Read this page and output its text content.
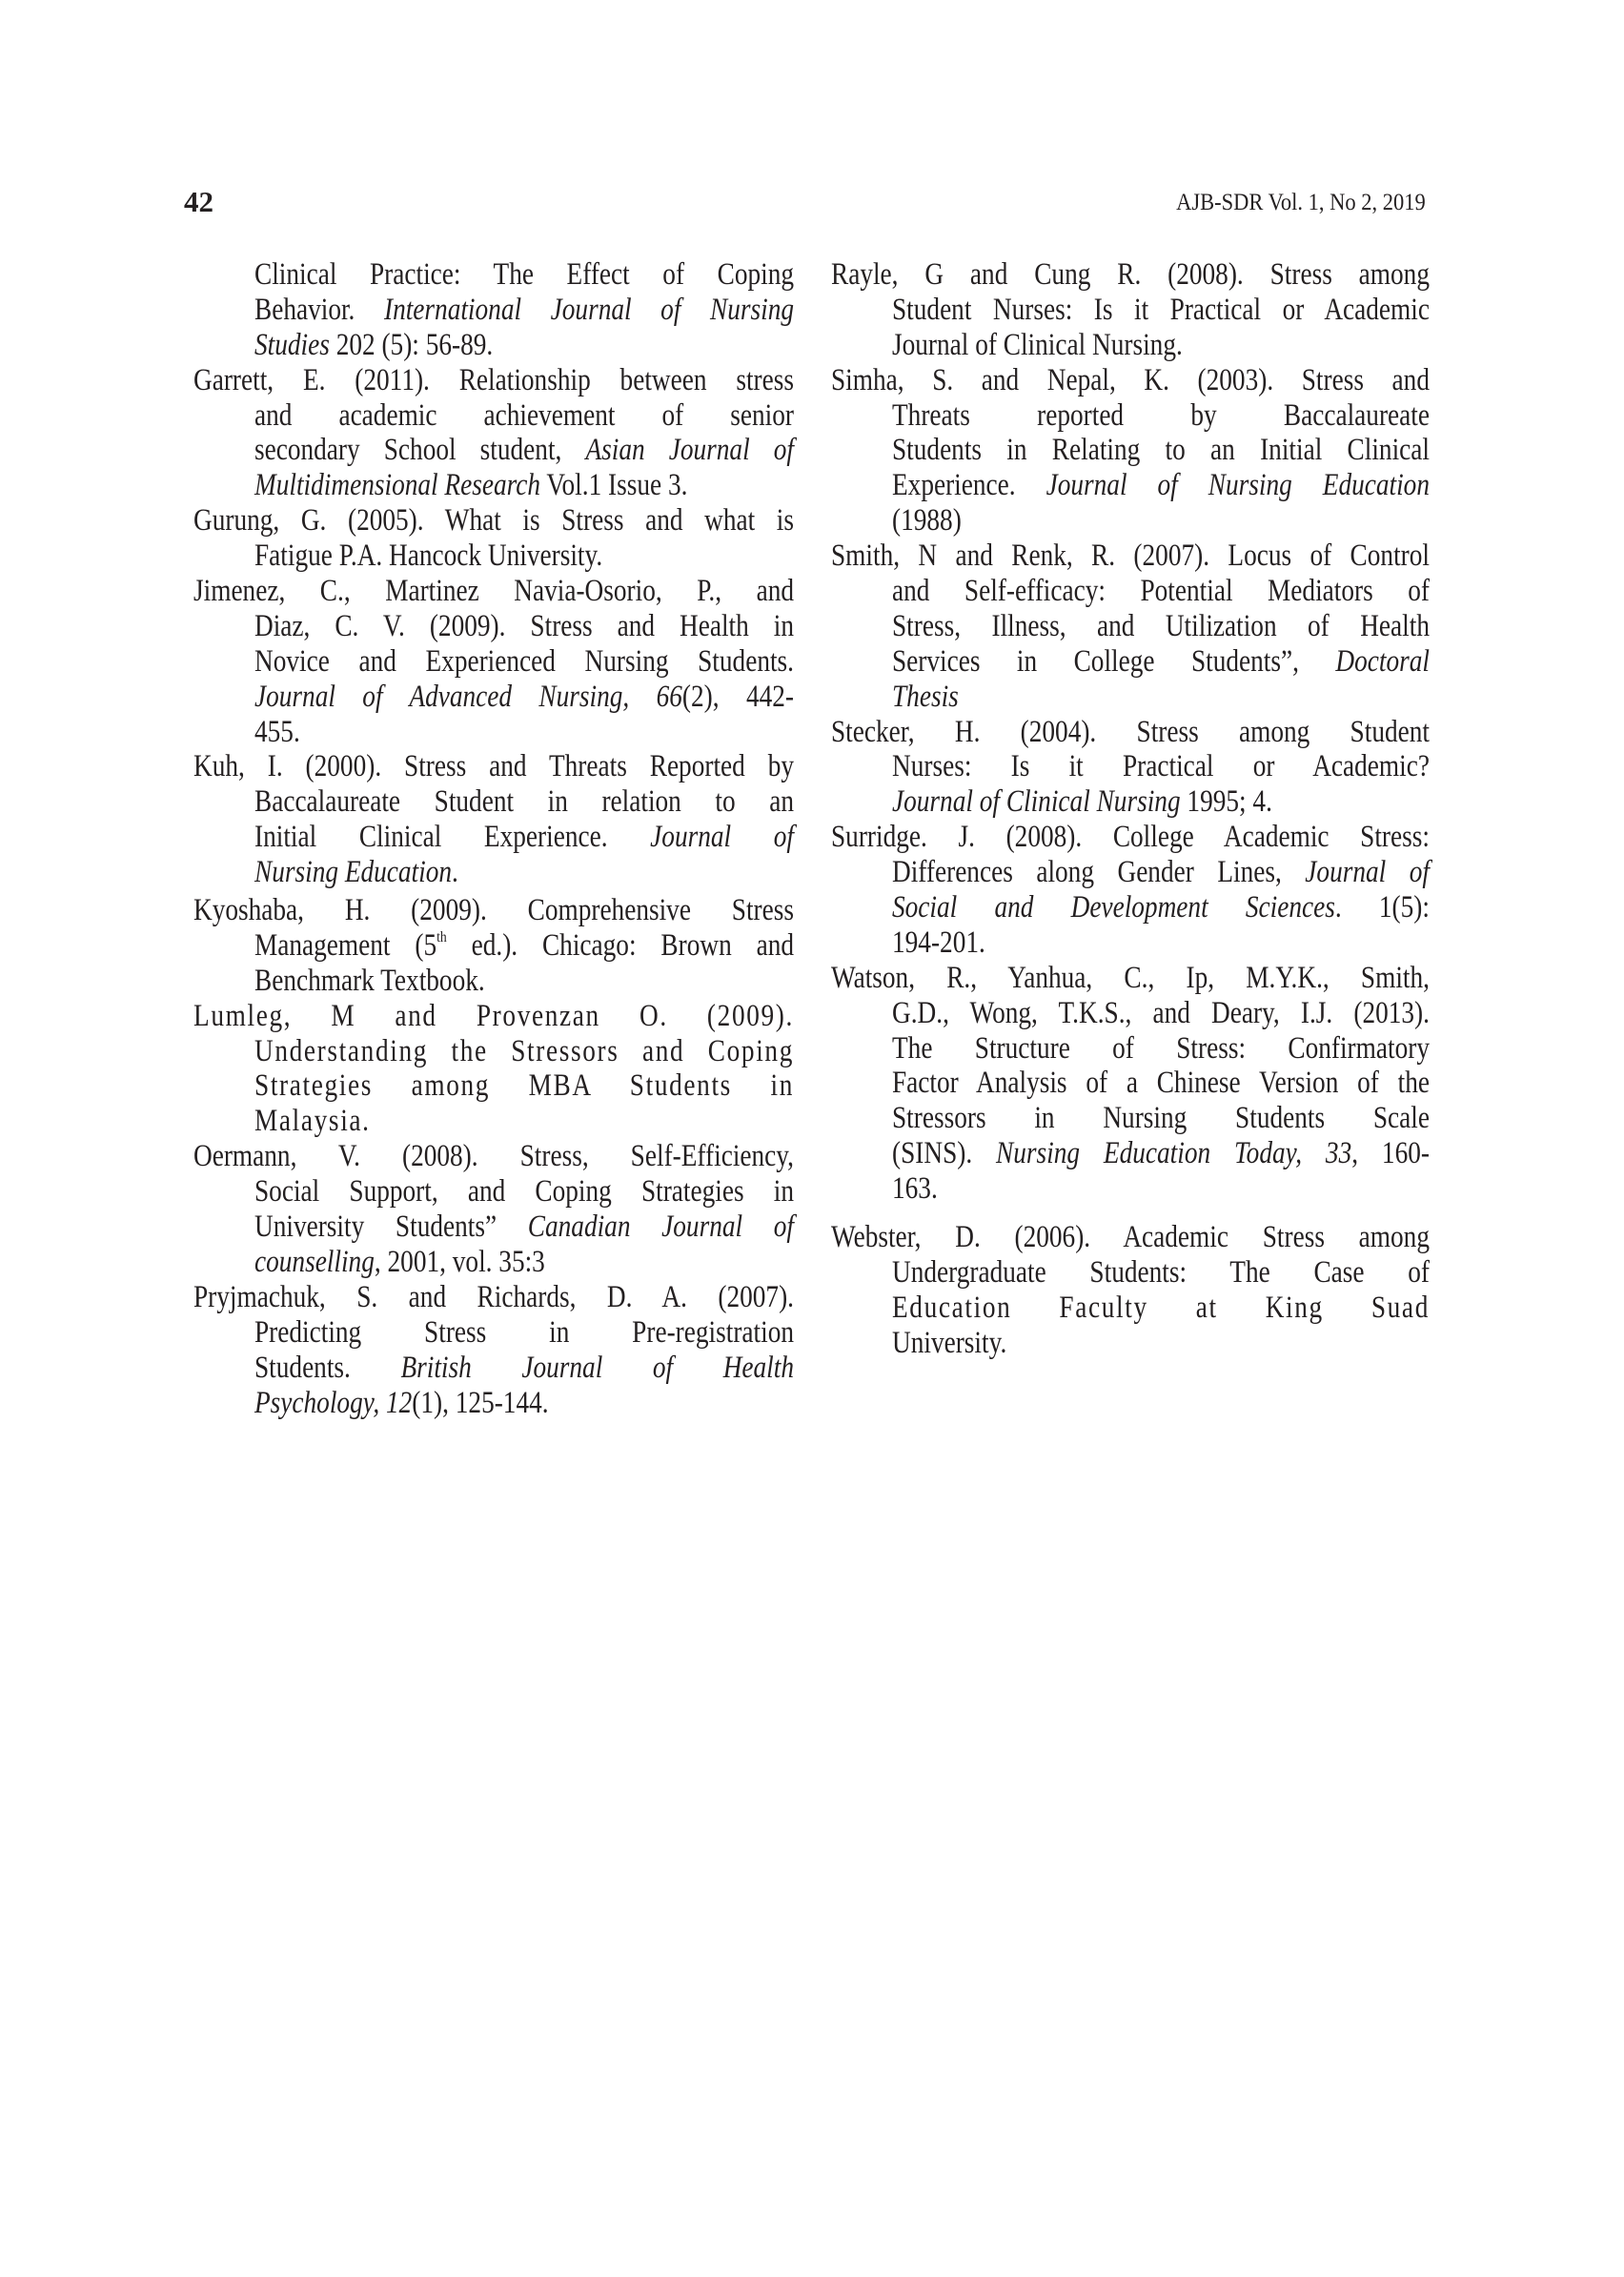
42	AJB-SDR Vol. 1, No 2, 2019
Clinical Practice: The Effect of Coping
Behavior. International Journal of Nursing
Studies 202 (5): 56-89.
Garrett, E. (2011). Relationship between stress
and academic achievement of senior
secondary School student, Asian Journal of
Multidimensional Research Vol.1 Issue 3.
Gurung, G. (2005). What is Stress and what is
Fatigue P.A. Hancock University.
Jimenez, C., Martinez Navia-Osorio, P., and
Diaz, C. V. (2009). Stress and Health in
Novice and Experienced Nursing Students.
Journal of Advanced Nursing, 66(2), 442-
455.
Kuh, I. (2000). Stress and Threats Reported by
Baccalaureate Student in relation to an
Initial Clinical Experience. Journal of
Nursing Education.
Kyoshaba, H. (2009). Comprehensive Stress
Management (5th ed.). Chicago: Brown and
Benchmark Textbook.
Lumleg, M and Provenzan O. (2009).
Understanding the Stressors and Coping
Strategies among MBA Students in
Malaysia.
Oermann, V. (2008). Stress, Self-Efficiency,
Social Support, and Coping Strategies in
University Students” Canadian Journal of
counselling, 2001, vol. 35:3
Pryjmachuk, S. and Richards, D. A. (2007).
Predicting Stress in Pre-registration
Students. British Journal of Health
Psychology, 12(1), 125-144.
Rayle, G and Cung R. (2008). Stress among
Student Nurses: Is it Practical or Academic
Journal of Clinical Nursing.
Simha, S. and Nepal, K. (2003). Stress and
Threats reported by Baccalaureate
Students in Relating to an Initial Clinical
Experience. Journal of Nursing Education
(1988)
Smith, N and Renk, R. (2007). Locus of Control
and Self-efficacy: Potential Mediators of
Stress, Illness, and Utilization of Health
Services in College Students”, Doctoral
Thesis
Stecker, H. (2004). Stress among Student
Nurses: Is it Practical or Academic?
Journal of Clinical Nursing 1995; 4.
Surridge. J. (2008). College Academic Stress:
Differences along Gender Lines, Journal of
Social and Development Sciences. 1(5):
194-201.
Watson, R., Yanhua, C., Ip, M.Y.K., Smith,
G.D., Wong, T.K.S., and Deary, I.J. (2013).
The Structure of Stress: Confirmatory
Factor Analysis of a Chinese Version of the
Stressors in Nursing Students Scale
(SINS). Nursing Education Today, 33, 160-
163.
Webster, D. (2006). Academic Stress among
Undergraduate Students: The Case of
Education Faculty at King Suad
University.
